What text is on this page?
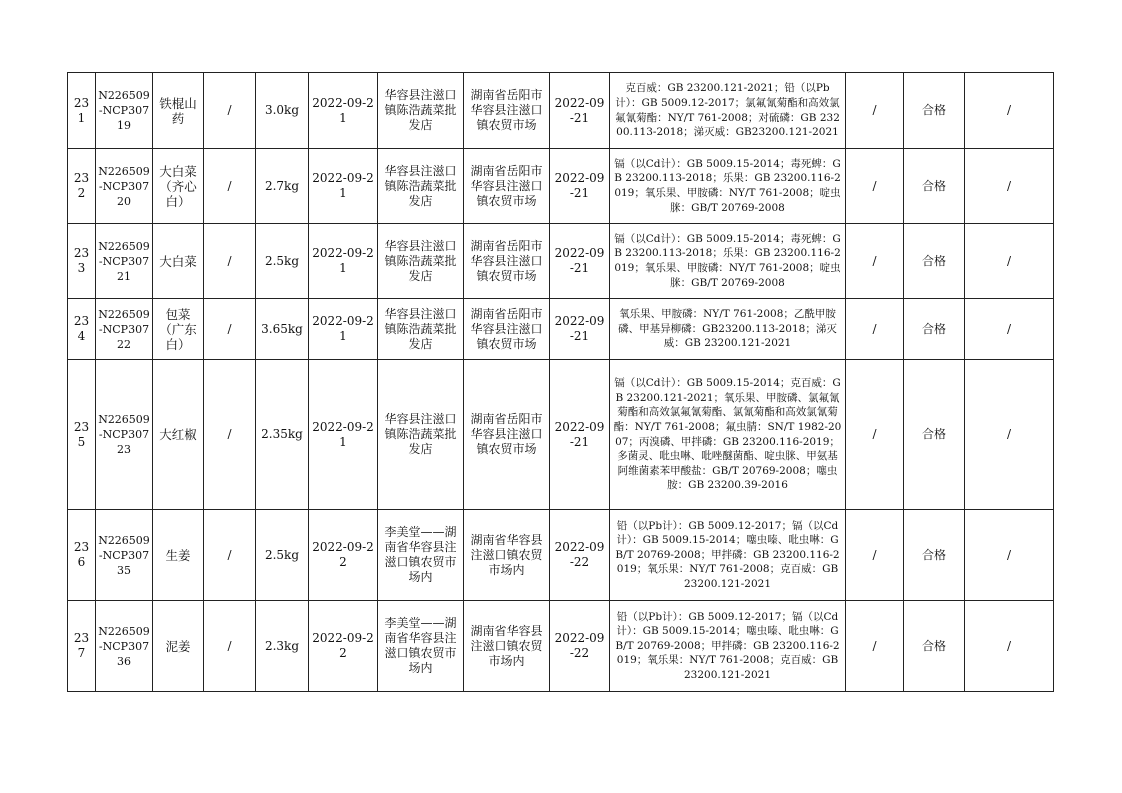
231	N226509-NCP30719	铁棍山药	/	3.0kg	2022-09-21	华容县注滋口镇陈浩蔬菜批发店	湖南省岳阳市华容县注滋口镇农贸市场	2022-09-21	克百威：GB 23200.121-2021；铅（以Pb计）：GB 5009.12-2017；氯氟氰菊酯和高效氯氟氰菊酯：NY/T 761-2008；对硫磷：GB 23200.113-2018；涕灭威：GB23200.121-2021	/	合格	/
232	N226509-NCP30720	大白菜（齐心白）	/	2.7kg	2022-09-21	华容县注滋口镇陈浩蔬菜批发店	湖南省岳阳市华容县注滋口镇农贸市场	2022-09-21	镉（以Cd计）：GB 5009.15-2014；毒死蜱：GB 23200.113-2018；乐果：GB 23200.116-2019；氧乐果、甲胺磷：NY/T 761-2008；啶虫脒：GB/T 20769-2008	/	合格	/
233	N226509-NCP30721	大白菜	/	2.5kg	2022-09-21	华容县注滋口镇陈浩蔬菜批发店	湖南省岳阳市华容县注滋口镇农贸市场	2022-09-21	镉（以Cd计）：GB 5009.15-2014；毒死蜱：GB 23200.113-2018；乐果：GB 23200.116-2019；氧乐果、甲胺磷：NY/T 761-2008；啶虫脒：GB/T 20769-2008	/	合格	/
234	N226509-NCP30722	包菜（广东白）	/	3.65kg	2022-09-21	华容县注滋口镇陈浩蔬菜批发店	湖南省岳阳市华容县注滋口镇农贸市场	2022-09-21	氧乐果、甲胺磷：NY/T 761-2008；乙酰甲胺磷、甲基异柳磷：GB23200.113-2018；涕灭威：GB 23200.121-2021	/	合格	/
235	N226509-NCP30723	大红椒	/	2.35kg	2022-09-21	华容县注滋口镇陈浩蔬菜批发店	湖南省岳阳市华容县注滋口镇农贸市场	2022-09-21	镉（以Cd计）：GB 5009.15-2014；克百威：GB 23200.121-2021；氧乐果、甲胺磷、氯氟氰菊酯和高效氯氟氰菊酯、氯氰菊酯和高效氯氰菊酯：NY/T 761-2008；氟虫腈：SN/T 1982-2007；丙溴磷、甲拌磷：GB 23200.116-2019；多菌灵、吡虫啉、吡唑醚菌酯、啶虫脒、甲氨基阿维菌素苯甲酸盐：GB/T 20769-2008；噻虫胺：GB 23200.39-2016	/	合格	/
236	N226509-NCP30735	生姜	/	2.5kg	2022-09-22	李美堂——湖南省华容县注滋口镇农贸市场内	湖南省华容县注滋口镇农贸市场内	2022-09-22	铅（以Pb计）：GB 5009.12-2017；镉（以Cd计）：GB 5009.15-2014；噻虫嗪、吡虫啉：GB/T 20769-2008；甲拌磷：GB 23200.116-2019；氧乐果：NY/T 761-2008；克百威：GB 23200.121-2021	/	合格	/
237	N226509-NCP30736	泥姜	/	2.3kg	2022-09-22	李美堂——湖南省华容县注滋口镇农贸市场内	湖南省华容县注滋口镇农贸市场内	2022-09-22	铅（以Pb计）：GB 5009.12-2017；镉（以Cd计）：GB 5009.15-2014；噻虫嗪、吡虫啉：GB/T 20769-2008；甲拌磷：GB 23200.116-2019；氧乐果：NY/T 761-2008；克百威：GB 23200.121-2021	/	合格	/
